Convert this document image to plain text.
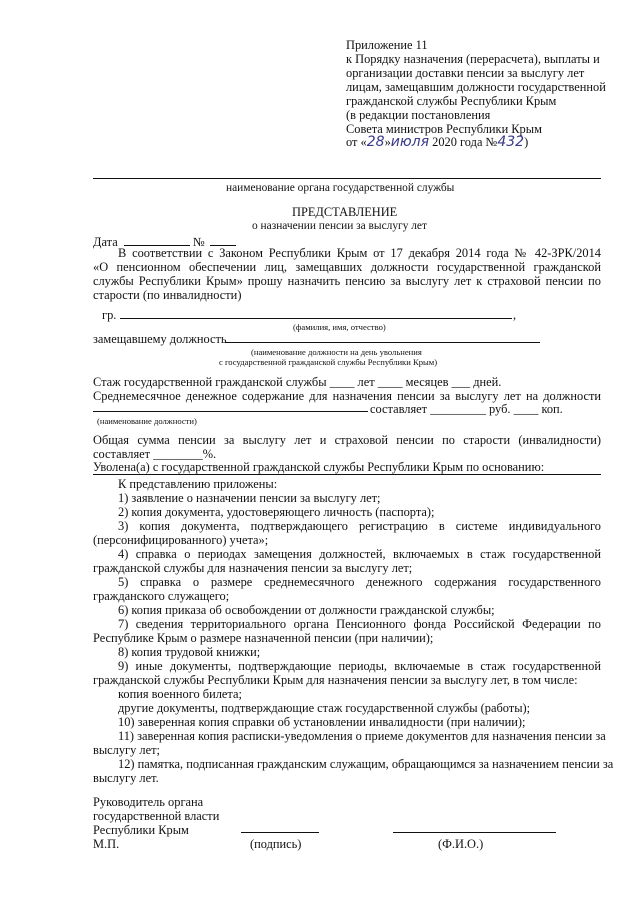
Приложение 11
к Порядку назначения (перерасчета), выплаты и
организации доставки пенсии за выслугу лет
лицам, замещавшим должности государственной
гражданской службы Республики Крым
(в редакции постановления
Совета министров Республики Крым
от «28»июля 2020 года №432)
наименование органа государственной службы
ПРЕДСТАВЛЕНИЕ
о назначении пенсии за выслугу лет
Дата	№
В соответствии с Законом Республики Крым от 17 декабря 2014 года № 42-ЗРК/2014
«О пенсионном обеспечении лиц, замещавших должности государственной гражданской
службы Республики Крым» прошу назначить пенсию за выслугу лет к страховой пенсии по
старости (по инвалидности)
гр.	,
(фамилия, имя, отчество)
замещавшему должность
(наименование должности на день увольнения
с государственной гражданской службы Республики Крым)
Стаж государственной гражданской службы ____ лет ____ месяцев ___ дней.
Среднемесячное денежное содержание для назначения пенсии за выслугу лет на должности
составляет _________ руб. ____ коп.
(наименование должности)
Общая сумма пенсии за выслугу лет и страховой пенсии по старости (инвалидности)
составляет ________%.
Уволена(а) с государственной гражданской службы Республики Крым по основанию:
К представлению приложены:
1) заявление о назначении пенсии за выслугу лет;
2) копия документа, удостоверяющего личность (паспорта);
3) копия документа, подтверждающего регистрацию в системе индивидуального
(персонифицированного) учета»;
4) справка о периодах замещения должностей, включаемых в стаж государственной
гражданской службы для назначения пенсии за выслугу лет;
5) справка о размере среднемесячного денежного содержания государственного
гражданского служащего;
6) копия приказа об освобождении от должности гражданской службы;
7) сведения территориального органа Пенсионного фонда Российской Федерации по
Республике Крым о размере назначенной пенсии (при наличии);
8) копия трудовой книжки;
9) иные документы, подтверждающие периоды, включаемые в стаж государственной
гражданской службы Республики Крым для назначения пенсии за выслугу лет, в том числе:
копия военного билета;
другие документы, подтверждающие стаж государственной службы (работы);
10) заверенная копия справки об установлении инвалидности (при наличии);
11) заверенная копия расписки-уведомления о приеме документов для назначения пенсии за
выслугу лет;
12) памятка, подписанная гражданским служащим, обращающимся за назначением пенсии за
выслугу лет.
Руководитель органа
государственной власти
Республики Крым
М.П.	(подпись)	(Ф.И.О.)
